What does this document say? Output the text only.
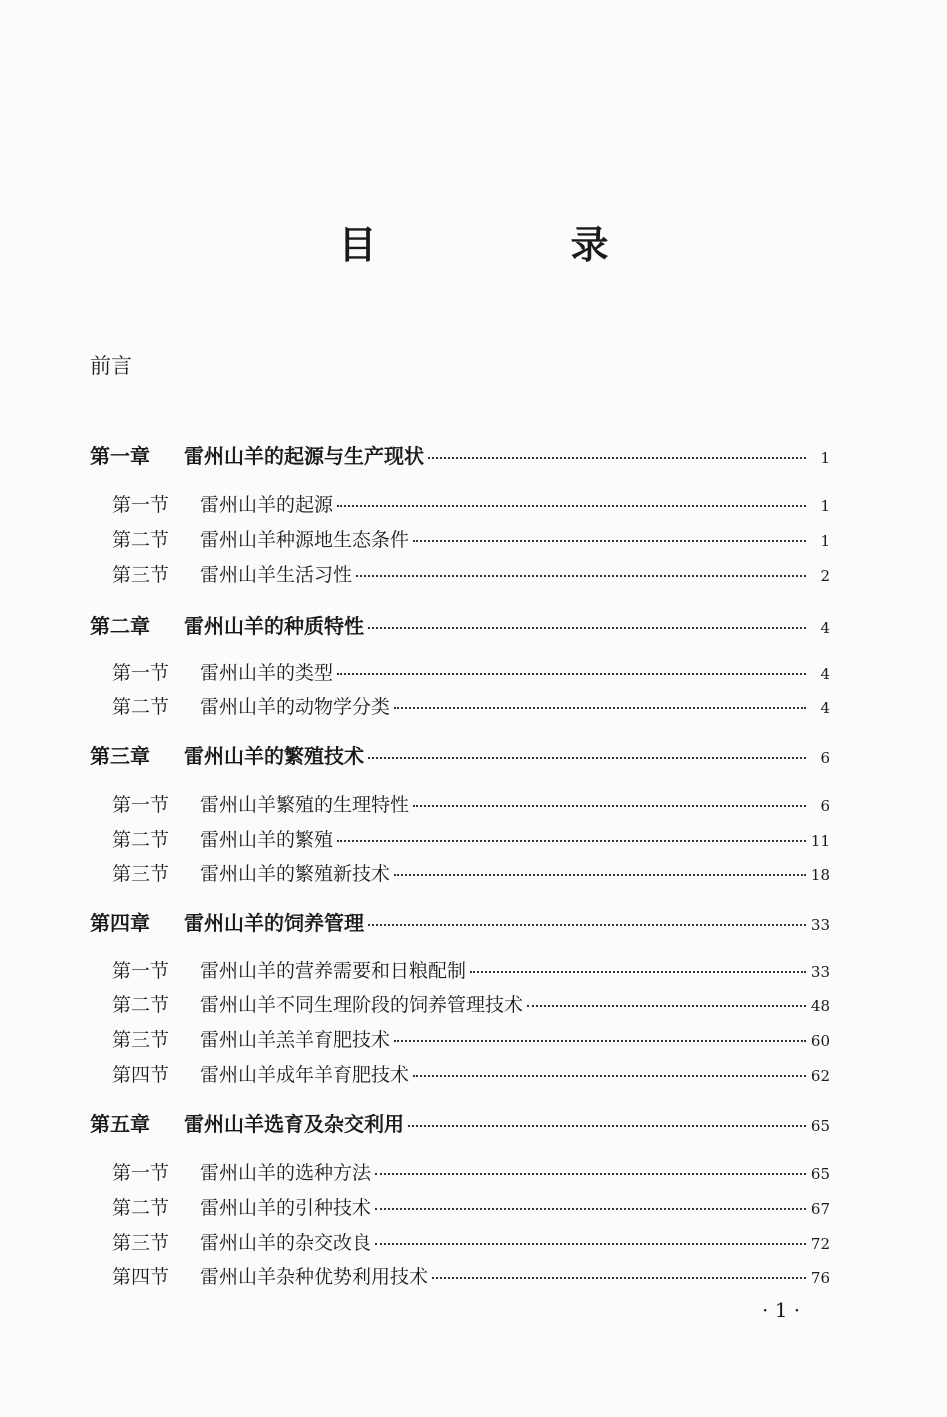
目　录
前言
第一章	雷州山羊的起源与生产现状	1
第一节	雷州山羊的起源	1
第二节	雷州山羊种源地生态条件	1
第三节	雷州山羊生活习性	2
第二章	雷州山羊的种质特性	4
第一节	雷州山羊的类型	4
第二节	雷州山羊的动物学分类	4
第三章	雷州山羊的繁殖技术	6
第一节	雷州山羊繁殖的生理特性	6
第二节	雷州山羊的繁殖	11
第三节	雷州山羊的繁殖新技术	18
第四章	雷州山羊的饲养管理	33
第一节	雷州山羊的营养需要和日粮配制	33
第二节	雷州山羊不同生理阶段的饲养管理技术	48
第三节	雷州山羊羔羊育肥技术	60
第四节	雷州山羊成年羊育肥技术	62
第五章	雷州山羊选育及杂交利用	65
第一节	雷州山羊的选种方法	65
第二节	雷州山羊的引种技术	67
第三节	雷州山羊的杂交改良	72
第四节	雷州山羊杂种优势利用技术	76
· 1 ·
